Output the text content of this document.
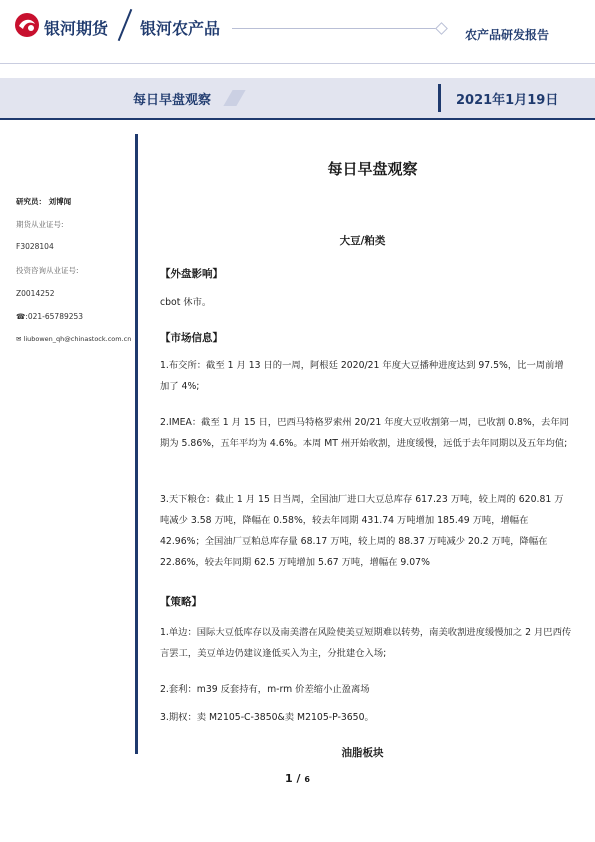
银河期货 银河农产品	农产品研发报告
每日早盘观察	2021年1月19日
研究员： 刘博闻
期货从业证号:
F3028104
投资咨询从业证号:
Z0014252
☎:021-65789253
✉ liubowen_qh@chinastock.com.cn
每日早盘观察
大豆/粕类
【外盘影响】
cbot 休市。
【市场信息】
1.布交所：截至 1 月 13 日的一周，阿根廷 2020/21 年度大豆播种进度达到 97.5%，比一周前增加了 4%;
2.IMEA：截至 1 月 15 日，巴西马特格罗索州 20/21 年度大豆收割第一周，已收割 0.8%，去年同期为 5.86%，五年平均为 4.6%。本周 MT 州开始收割，进度缓慢，远低于去年同期以及五年均值;
3.天下粮仓：截止 1 月 15 日当周，全国油厂进口大豆总库存 617.23 万吨，较上周的 620.81 万吨减少 3.58 万吨，降幅在 0.58%，较去年同期 431.74 万吨增加 185.49 万吨，增幅在 42.96%；全国油厂豆粕总库存量 68.17 万吨，较上周的 88.37 万吨减少 20.2 万吨，降幅在 22.86%，较去年同期 62.5 万吨增加 5.67 万吨，增幅在 9.07%
【策略】
1.单边：国际大豆低库存以及南美潜在风险使美豆短期难以转势，南美收割进度缓慢加之 2 月巴西传言罢工，美豆单边仍建议逢低买入为主，分批建仓入场;
2.套利：m39 反套持有，m-rm 价差缩小止盈离场
3.期权：卖 M2105-C-3850&卖 M2105-P-3650。
油脂板块
1 / 6
